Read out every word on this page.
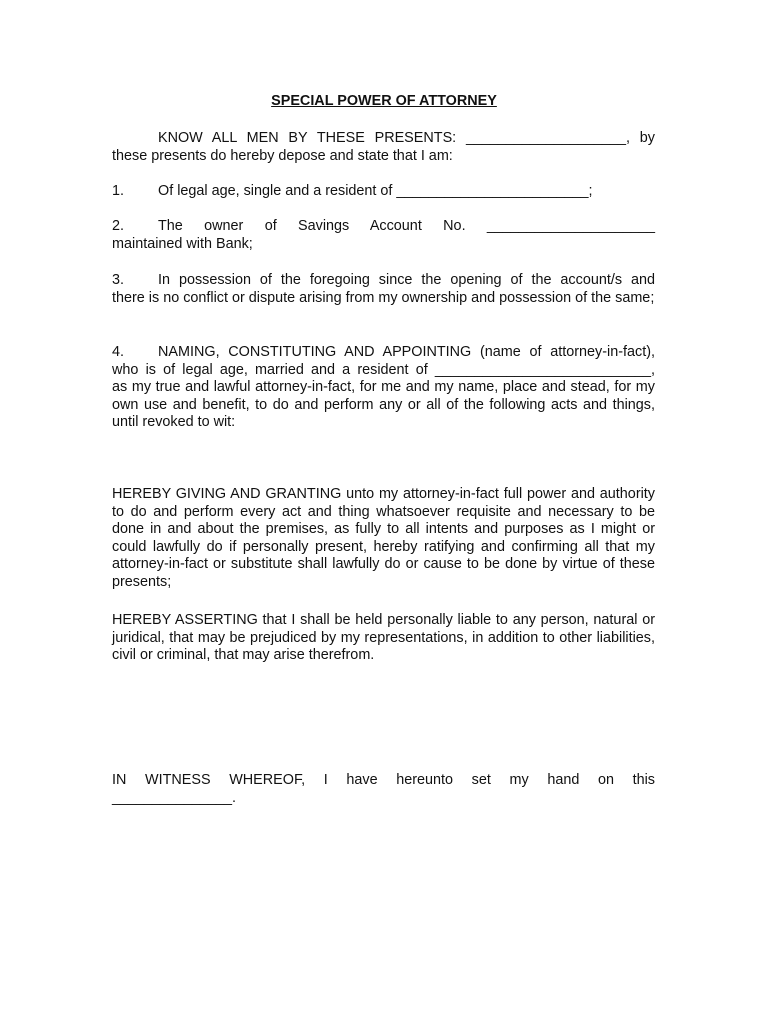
SPECIAL POWER OF ATTORNEY

KNOW ALL MEN BY THESE PRESENTS: ____________________, by
these presents do hereby depose and state that I am:
1. Of legal age, single and a resident of ________________________;
2.	The owner of Savings Account No. _____________________
maintained with Bank;
3.	In possession of the foregoing since the opening of the account/s and
there is no conflict or dispute arising from my ownership and possession of the same;
4.	NAMING, CONSTITUTING AND APPOINTING (name of attorney-in-fact),
who is of legal age, married and a resident of ___________________________,
as my true and lawful attorney-in-fact, for me and my name, place and stead, for my own use and benefit, to do and perform any or all of the following acts and things, until revoked to wit:
HEREBY GIVING AND GRANTING unto my attorney-in-fact full power and authority to do and perform every act and thing whatsoever requisite and necessary to be done in and about the premises, as fully to all intents and purposes as I might or could lawfully do if personally present, hereby ratifying and confirming all that my attorney-in-fact or substitute shall lawfully do or cause to be done by virtue of these presents;
HEREBY ASSERTING that I shall be held personally liable to any person, natural or juridical, that may be prejudiced by my representations, in addition to other liabilities, civil or criminal, that may arise therefrom.
IN WITNESS WHEREOF, I have hereunto set my hand on this
_______________.
